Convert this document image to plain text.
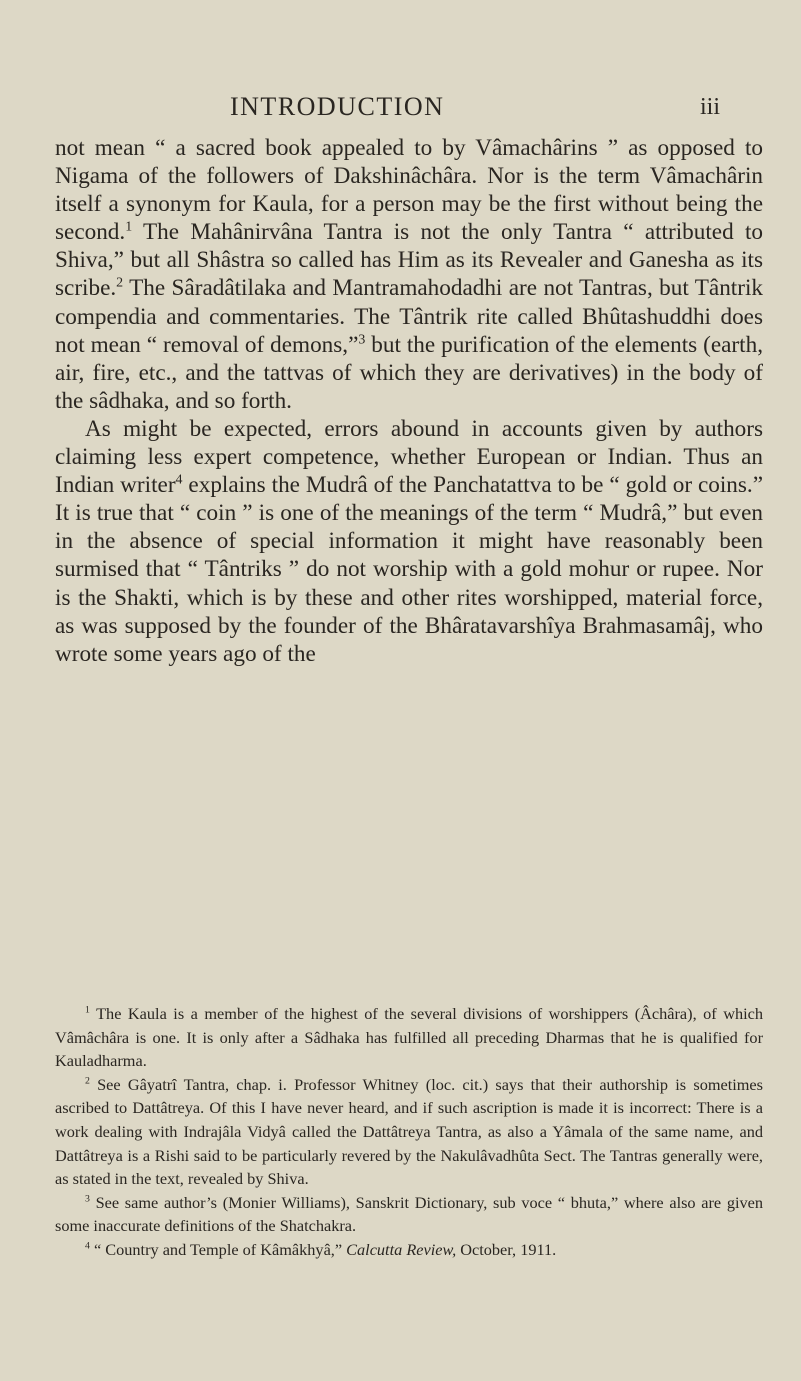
INTRODUCTION	iii

not mean “ a sacred book appealed to by Vâmachârins ” as opposed to Nigama of the followers of Dakshinâchâra. Nor is the term Vâmachârin itself a synonym for Kaula, for a person may be the first without being the second.$^1$ The Mahânirvâna Tantra is not the only Tantra “ attributed to Shiva,” but all Shâstra so called has Him as its Revealer and Ganesha as its scribe.$^2$ The Sâradâtilaka and Mantramahodadhi are not Tantras, but Tântrik compendia and commentaries. The Tântrik rite called Bhûtashuddhi does not mean “ removal of demons,”$^3$ but the purification of the elements (earth, air, fire, etc., and the tattvas of which they are derivatives) in the body of the sâdhaka, and so forth.

As might be expected, errors abound in accounts given by authors claiming less expert competence, whether European or Indian. Thus an Indian writer$^4$ explains the Mudrâ of the Panchatattva to be “ gold or coins.” It is true that “ coin ” is one of the meanings of the term “ Mudrâ,” but even in the absence of special information it might have reasonably been surmised that “ Tântriks ” do not worship with a gold mohur or rupee. Nor is the Shakti, which is by these and other rites worshipped, material force, as was supposed by the founder of the Bhâratavarshîya Brahmasamâj, who wrote some years ago of the

$^1$ The Kaula is a member of the highest of the several divisions of worshippers (Âchâra), of which Vâmâchâra is one. It is only after a Sâdhaka has fulfilled all preceding Dharmas that he is qualified for Kauladharma.

$^2$ See Gâyatrî Tantra, chap. i. Professor Whitney (loc. cit.) says that their authorship is sometimes ascribed to Dattâtreya. Of this I have never heard, and if such ascription is made it is incorrect: There is a work dealing with Indrajâla Vidyâ called the Dattâtreya Tantra, as also a Yâmala of the same name, and Dattâtreya is a Rishi said to be particularly revered by the Nakulâvadhûta Sect. The Tantras generally were, as stated in the text, revealed by Shiva.

$^3$ See same author’s (Monier Williams), Sanskrit Dictionary, sub voce “ bhuta,” where also are given some inaccurate definitions of the Shatchakra.

$^4$ “ Country and Temple of Kâmâkhyâ,” Calcutta Review, October, 1911.
